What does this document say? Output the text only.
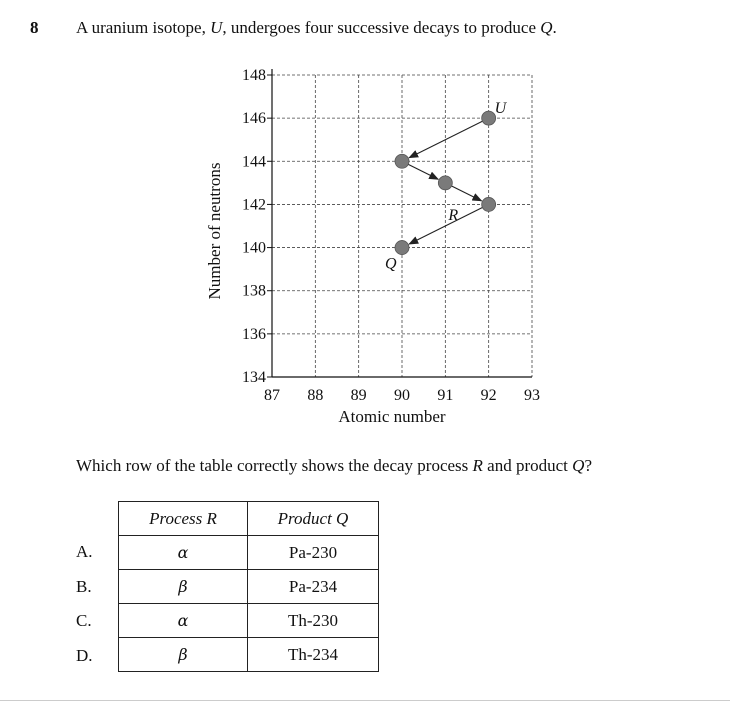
8 A uranium isotope, U, undergoes four successive decays to produce Q.
134
136
138
140
142
144
146
148
87 88 89 90 91 92 93
Atomic number
Number of neutrons	R
U
Q
Which row of the table correctly shows the decay process R and product Q?
A.
B.
C.
D.
Process R	Product Q
α	Pa-230
β	Pa-234
α	Th-230
β	Th-234
